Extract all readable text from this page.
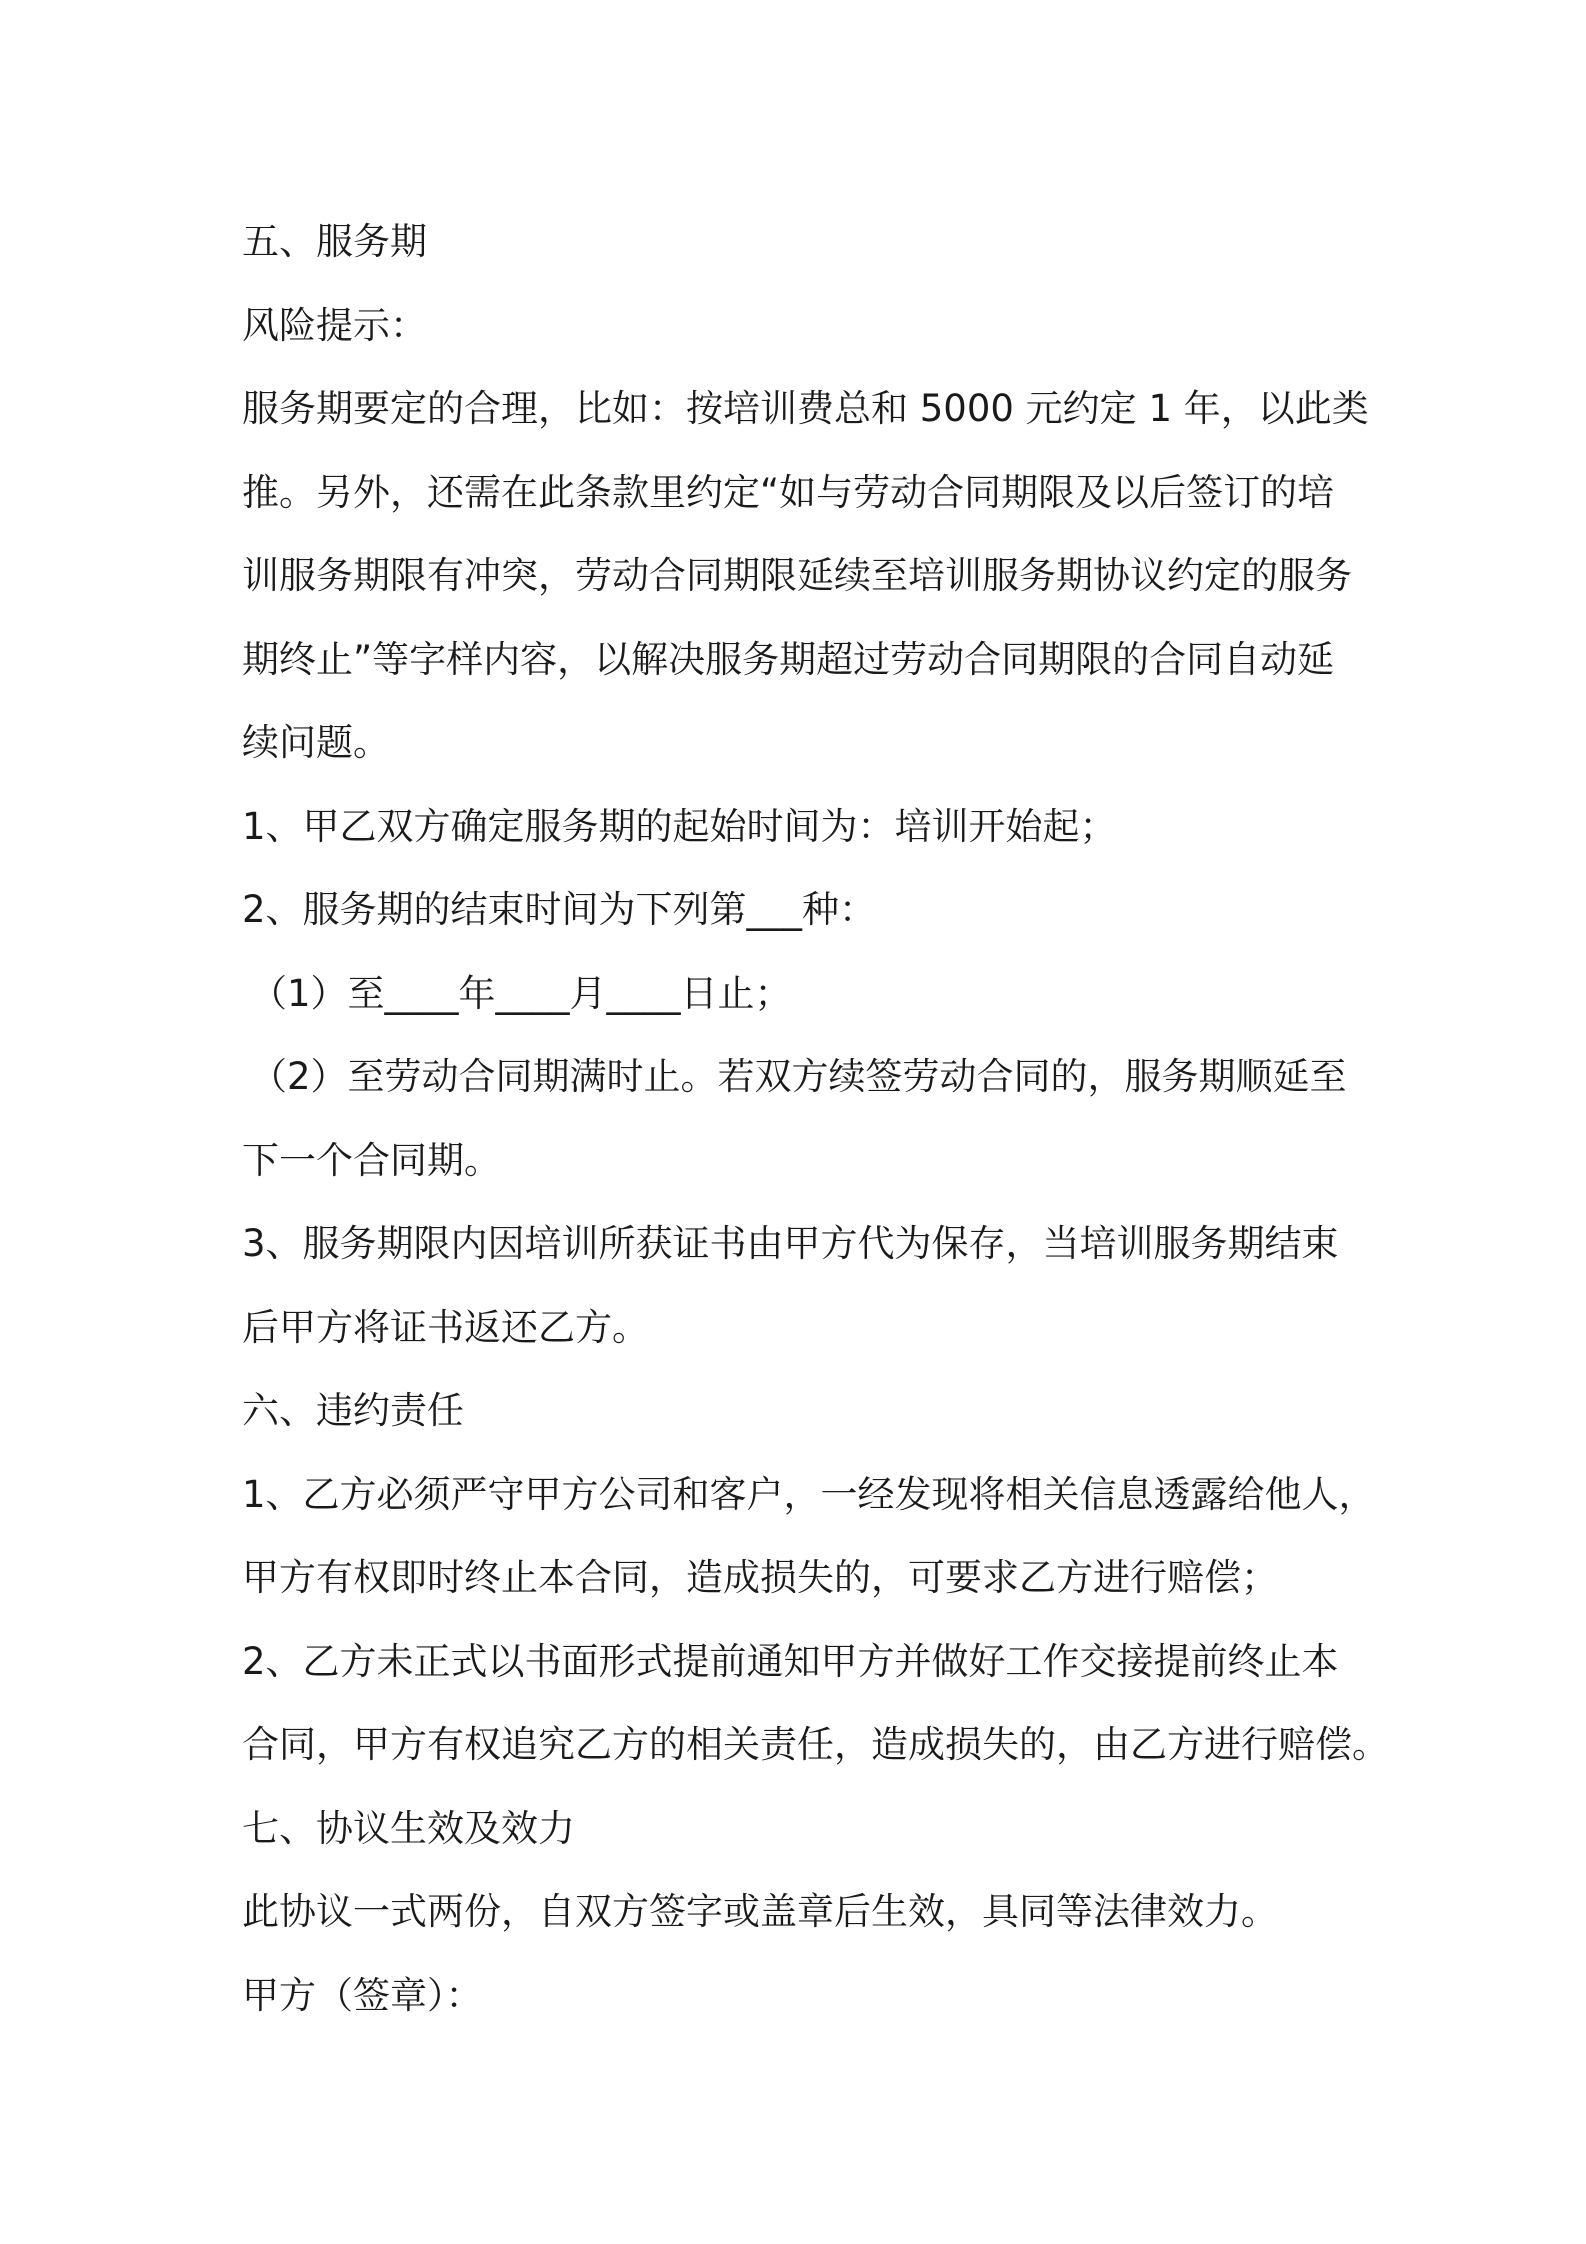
五、服务期
风险提示：
服务期要定的合理，比如：按培训费总和 5000 元约定 1 年，以此类
推。另外，还需在此条款里约定“如与劳动合同期限及以后签订的培
训服务期限有冲突，劳动合同期限延续至培训服务期协议约定的服务
期终止”等字样内容，以解决服务期超过劳动合同期限的合同自动延
续问题。
1、甲乙双方确定服务期的起始时间为：培训开始起；
2、服务期的结束时间为下列第___种：
（1）至____年____月____日止；
（2）至劳动合同期满时止。若双方续签劳动合同的，服务期顺延至
下一个合同期。
3、服务期限内因培训所获证书由甲方代为保存，当培训服务期结束
后甲方将证书返还乙方。
六、违约责任
1、乙方必须严守甲方公司和客户，一经发现将相关信息透露给他人，
甲方有权即时终止本合同，造成损失的，可要求乙方进行赔偿；
2、乙方未正式以书面形式提前通知甲方并做好工作交接提前终止本
合同，甲方有权追究乙方的相关责任，造成损失的，由乙方进行赔偿。
七、协议生效及效力
此协议一式两份，自双方签字或盖章后生效，具同等法律效力。
甲方（签章）：
